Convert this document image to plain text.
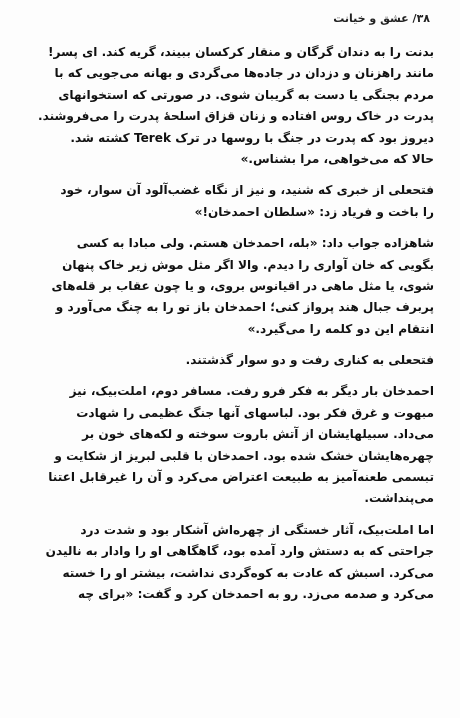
۳۸/ عشق و خیانت
بدنت را به دندان گرگان و منقار کرکسان ببیند، گریه کند. ای پسر!
مانند راهزنان و دزدان در جاده‌ها می‌گردی و بهانه می‌جویی که با
مردم بجنگی یا دست به گریبان شوی. در صورتی که استخوانهای
پدرت در خاک روس افتاده و زنان قزاق اسلحهٔ پدرت را می‌فروشند.
دیروز بود که پدرت در جنگ با روسها در ترک Terek کشته شد.
حالا که می‌خواهی، مرا بشناس.»
فتحعلی از خبری که شنید، و نیز از نگاه غضب‌آلود آن سوار، خود
را باخت و فریاد زد: «سلطان احمدخان!»
شاهزاده جواب داد: «بله، احمدخان هستم. ولی مبادا به کسی
بگویی که خان آواری را دیدم. والا اگر مثل موش زیر خاک پنهان
شوی، یا مثل ماهی در اقیانوس بروی، و یا چون عقاب بر قله‌های
پربرف جبال هند پرواز کنی؛ احمدخان باز تو را به چنگ می‌آورد و
انتقام این دو کلمه را می‌گیرد.»
فتحعلی به کناری رفت و دو سوار گذشتند.
احمدخان بار دیگر به فکر فرو رفت. مسافر دوم، املت‌بیک، نیز
مبهوت و غرق فکر بود. لباسهای آنها جنگ عظیمی را شهادت
می‌داد. سبیلهایشان از آتش باروت سوخته و لکه‌های خون بر
چهره‌هایشان خشک شده بود. احمدخان با قلبی لبریز از شکایت و
تبسمی طعنه‌آمیز به طبیعت اعتراض می‌کرد و آن را غیرقابل اعتنا
می‌پنداشت.
اما املت‌بیک، آثار خستگی از چهره‌اش آشکار بود و شدت درد
جراحتی که به دستش وارد آمده بود، گاهگاهی او را وادار به نالیدن
می‌کرد. اسبش که عادت به کوه‌گردی نداشت، بیشتر او را خسته
می‌کرد و صدمه می‌زد. رو به احمدخان کرد و گفت: «برای چه
